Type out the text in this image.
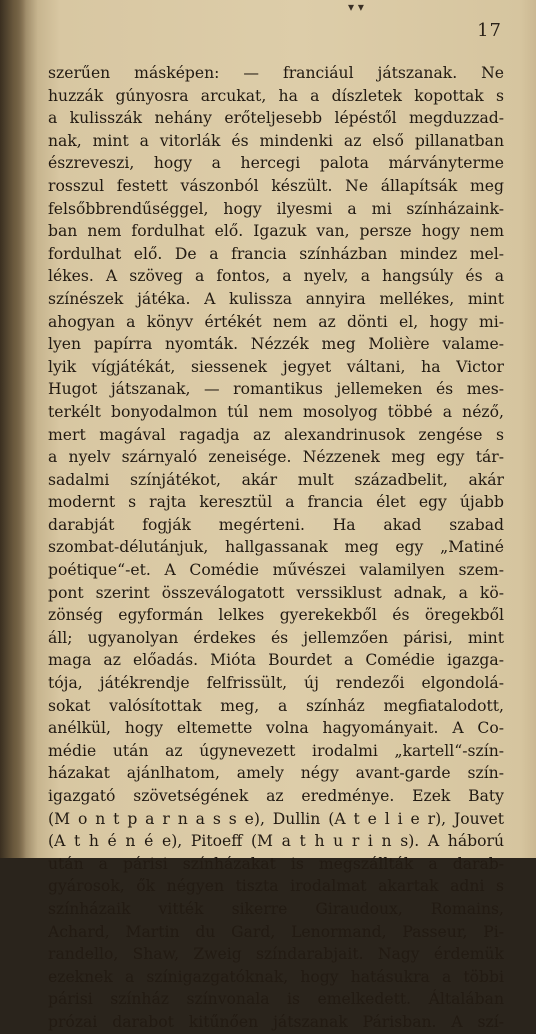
▾ ▾
17
szerűen másképen: — franciául játszanak. Ne
huzzák gúnyosra arcukat, ha a díszletek kopottak s
a kulisszák nehány erőteljesebb lépéstől megduzzad-
nak, mint a vitorlák és mindenki az első pillanatban
észreveszi, hogy a hercegi palota márványterme
rosszul festett vászonból készült. Ne állapítsák meg
felsőbbrendűséggel, hogy ilyesmi a mi színházaink-
ban nem fordulhat elő. Igazuk van, persze hogy nem
fordulhat elő. De a francia színházban mindez mel-
lékes. A szöveg a fontos, a nyelv, a hangsúly és a
színészek játéka. A kulissza annyira mellékes, mint
ahogyan a könyv értékét nem az dönti el, hogy mi-
lyen papírra nyomták. Nézzék meg Molière valame-
lyik vígjátékát, siessenek jegyet váltani, ha Victor
Hugot játszanak, — romantikus jellemeken és mes-
terkélt bonyodalmon túl nem mosolyog többé a néző,
mert magával ragadja az alexandrinusok zengése s
a nyelv szárnyaló zeneisége. Nézzenek meg egy tár-
sadalmi színjátékot, akár mult századbelit, akár
modernt s rajta keresztül a francia élet egy újabb
darabját fogják megérteni. Ha akad szabad
szombat-délutánjuk, hallgassanak meg egy „Matiné
poétique“-et. A Comédie művészei valamilyen szem-
pont szerint összeválogatott verssiklust adnak, a kö-
zönség egyformán lelkes gyerekekből és öregekből
áll; ugyanolyan érdekes és jellemzően párisi, mint
maga az előadás. Mióta Bourdet a Comédie igazga-
tója, játékrendje felfrissült, új rendezői elgondolá-
sokat valósítottak meg, a színház megfiatalodott,
anélkül, hogy eltemette volna hagyományait. A Co-
médie után az úgynevezett irodalmi „kartell“-szín-
házakat ajánlhatom, amely négy avant-garde szín-
igazgató szövetségének az eredménye. Ezek Baty
(M o n t p a r n a s s e), Dullin (A t e l i e r), Jouvet
(A t h é n é e), Pitoeff (M a t h u r i n s). A háború
után a párisi színházakat is megszállták a darab-
gyárosok, ők négyen tiszta irodalmat akartak adni s
színházaik vitték sikerre Giraudoux, Romains,
Achard, Martin du Gard, Lenormand, Passeur, Pi-
randello, Shaw, Zweig színdarabjait. Nagy érdemük
ezeknek a színigazgatóknak, hogy hatásukra a többi
párisi színház színvonala is emelkedett. Általában
prózai darabot kitűnően játszanak Párisban. A szí-
